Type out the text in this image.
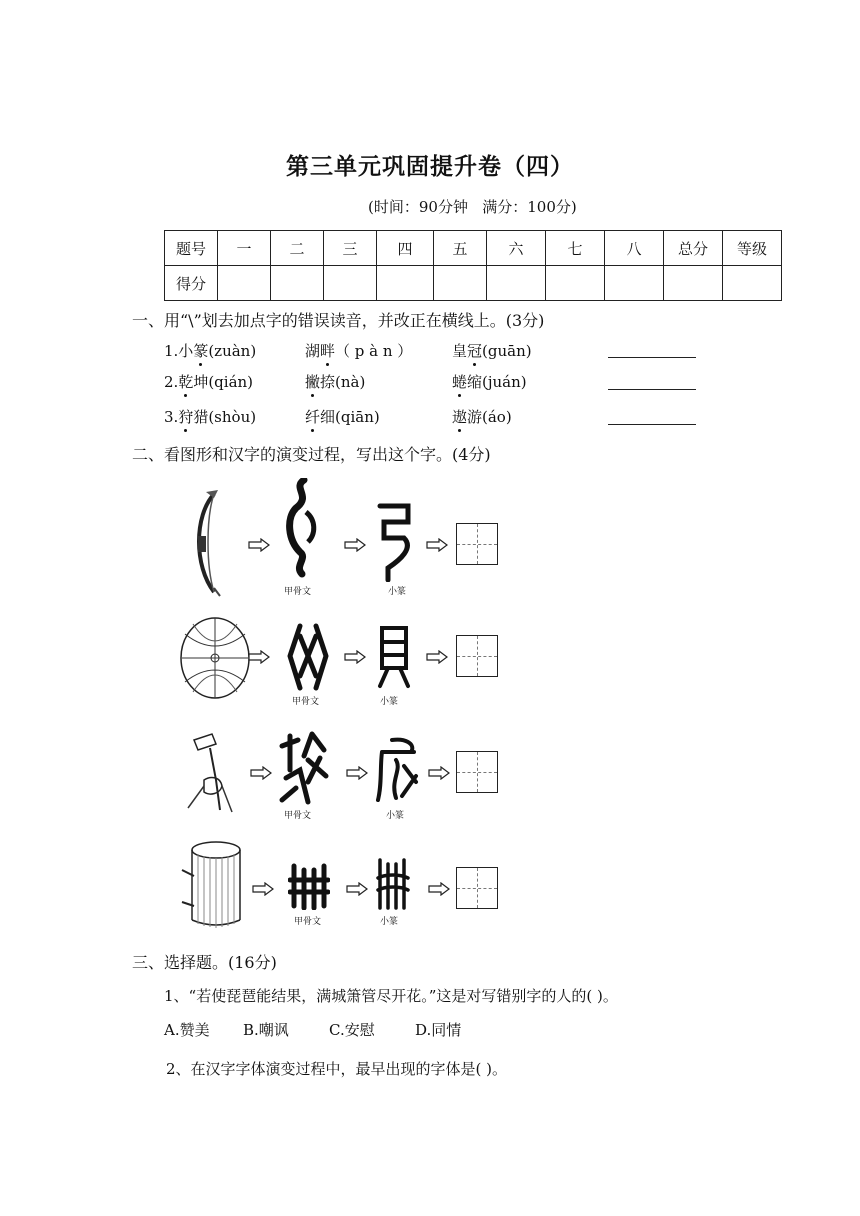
第三单元巩固提升卷（四）
(时间：90分钟   满分：100分)
题号	一	二	三	四	五	六	七	八	总分	等级
得分										
一、用“\”划去加点字的错误读音，并改正在横线上。(3分)
1.小篆(zuàn)	湖畔（ p à n ）	皇冠(guān)
2.乾坤(qián)	撇捺(nà)	蜷缩(juán)
3.狩猎(shòu)	纤细(qiān)	遨游(áo)
二、看图形和汉字的演变过程，写出这个字。(4分)
甲骨文	小篆
甲骨文	小篆
甲骨文	小篆
甲骨文	小篆
三、选择题。(16分)
1、“若使琵琶能结果，满城箫管尽开花。”这是对写错别字的人的( )。
A.赞美 B.嘲讽	C.安慰	D.同情
2、在汉字字体演变过程中，最早出现的字体是( )。
